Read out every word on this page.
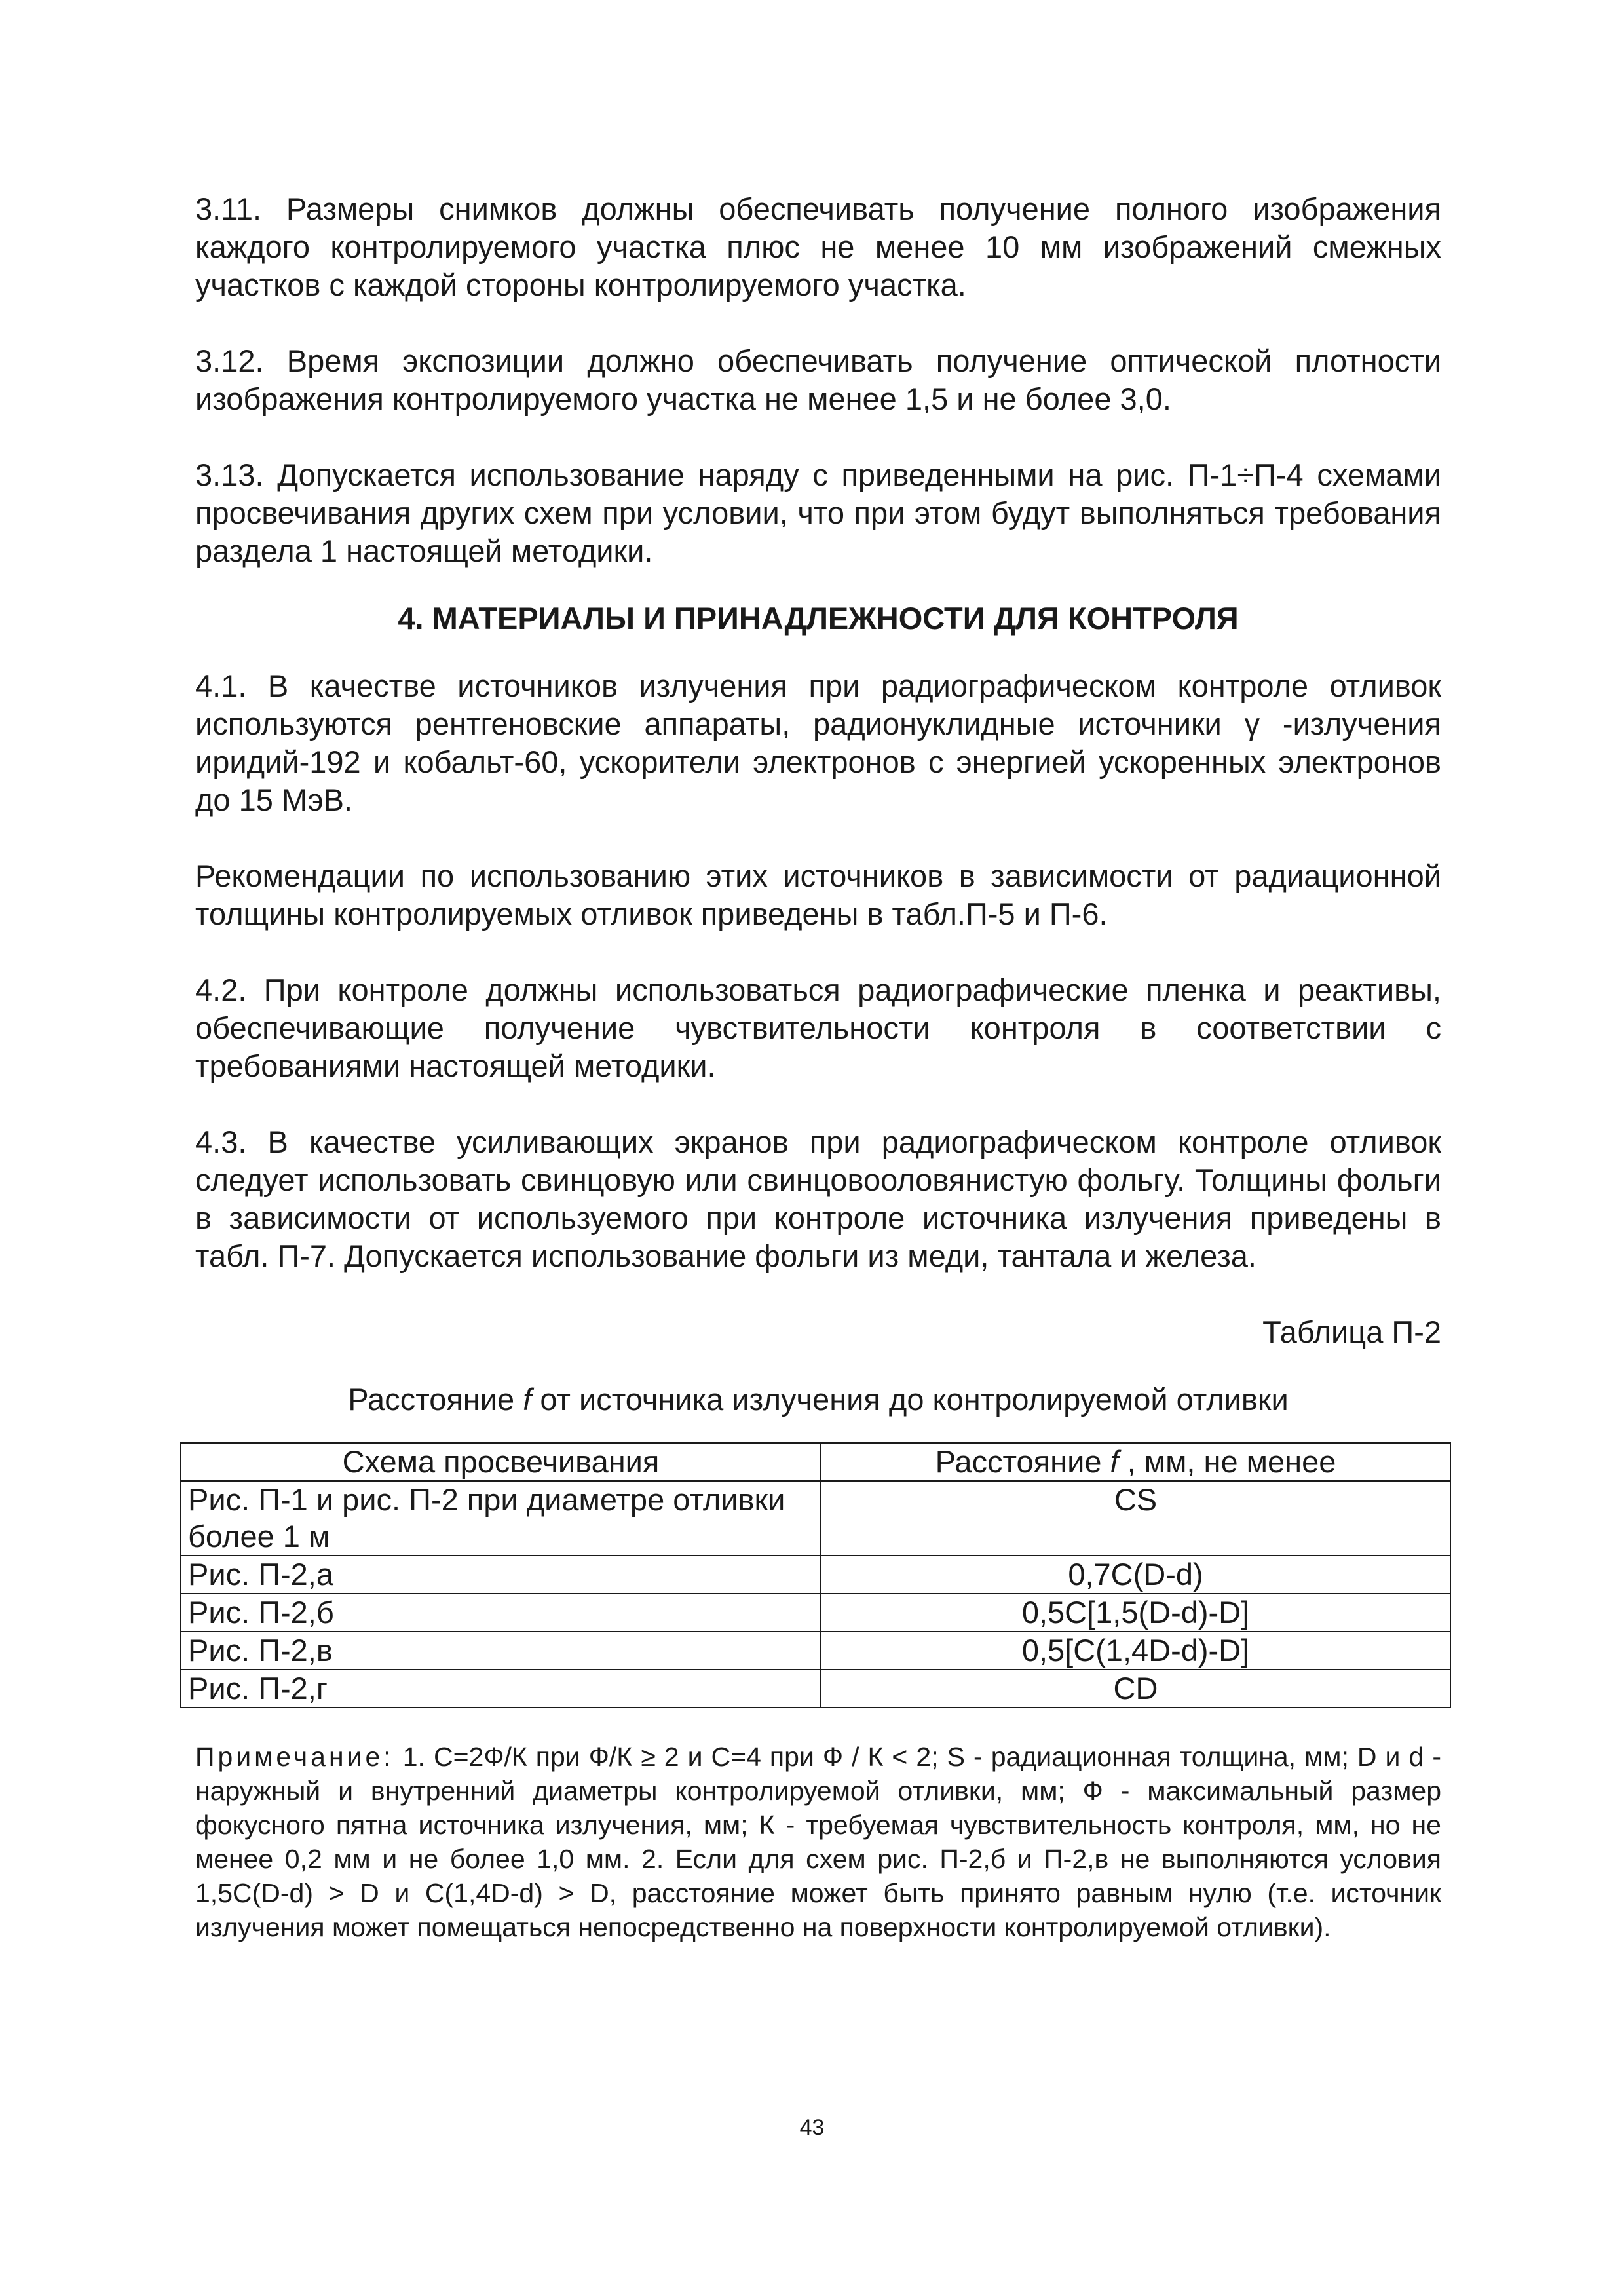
3.11. Размеры снимков должны обеспечивать получение полного изображения каждого контролируемого участка плюс не менее 10 мм изображений смежных участков с каждой стороны контролируемого участка.

3.12. Время экспозиции должно обеспечивать получение оптической плотности изображения контролируемого участка не менее 1,5 и не более 3,0.

3.13. Допускается использование наряду с приведенными на рис. П-1÷П-4 схемами просвечивания других схем при условии, что при этом будут выполняться требования раздела 1 настоящей методики.

4. МАТЕРИАЛЫ И ПРИНАДЛЕЖНОСТИ ДЛЯ КОНТРОЛЯ

4.1. В качестве источников излучения при радиографическом контроле отливок используются рентгеновские аппараты, радионуклидные источники γ -излучения иридий-192 и кобальт-60, ускорители электронов с энергией ускоренных электронов до 15 МэВ.

Рекомендации по использованию этих источников в зависимости от радиационной толщины контролируемых отливок приведены в табл.П-5 и П-6.

4.2. При контроле должны использоваться радиографические пленка и реактивы, обеспечивающие получение чувствительности контроля в соответствии с требованиями настоящей методики.

4.3. В качестве усиливающих экранов при радиографическом контроле отливок следует использовать свинцовую или свинцовооловянистую фольгу. Толщины фольги в зависимости от используемого при контроле источника излучения приведены в табл. П-7. Допускается использование фольги из меди, тантала и железа.

Таблица П-2

Расстояние f от источника излучения до контролируемой отливки

Схема просвечивания	Расстояние f , мм, не менее
Рис. П-1 и рис. П-2 при диаметре отливки более 1 м	CS
Рис. П-2,а	0,7С(D-d)
Рис. П-2,б	0,5С[1,5(D-d)-D]
Рис. П-2,в	0,5[C(1,4D-d)-D]
Рис. П-2,г	CD

Примечание: 1. С=2Ф/К при Ф/К ≥ 2 и С=4 при Ф / К < 2; S - радиационная толщина, мм; D и d - наружный и внутренний диаметры контролируемой отливки, мм; Ф - максимальный размер фокусного пятна источника излучения, мм; К - требуемая чувствительность контроля, мм, но не менее 0,2 мм и не более 1,0 мм. 2. Если для схем рис. П-2,б и П-2,в не выполняются условия 1,5С(D-d) > D и С(1,4D-d) > D, расстояние может быть принято равным нулю (т.е. источник излучения может помещаться непосредственно на поверхности контролируемой отливки).

43
